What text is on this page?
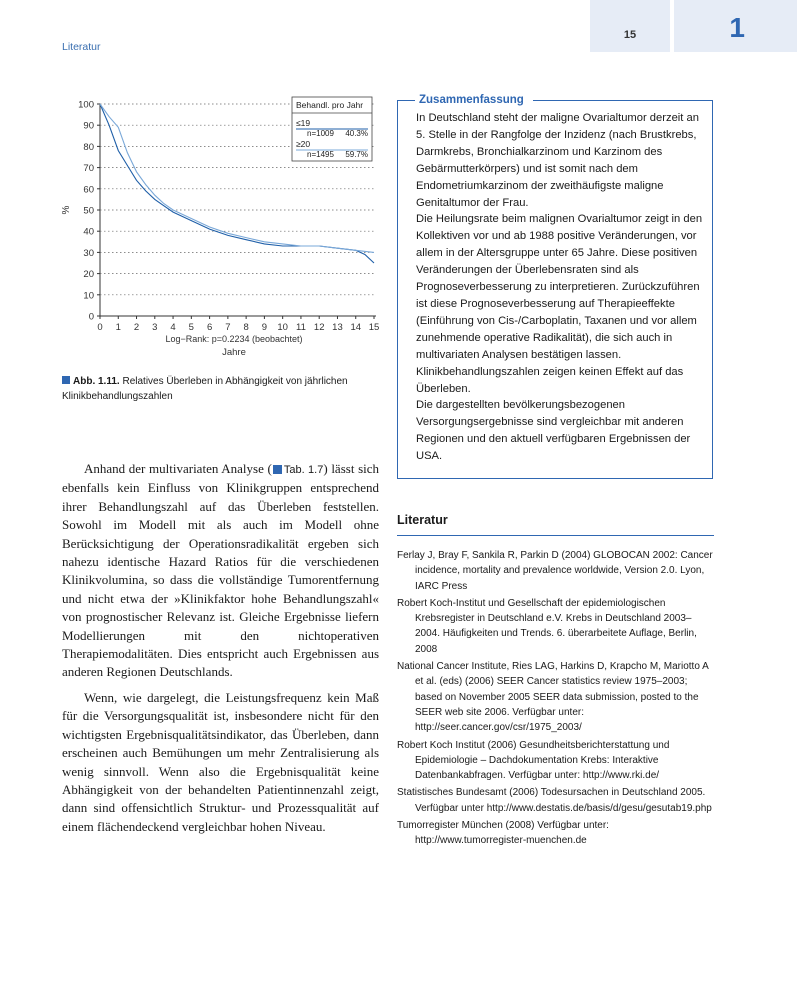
Literatur
15	1
0
10
20
30
40
50
60
70
80
90
100
%
0 1 2 3 4 5 6 7 8 9 10 11 12 13 14 15
Log−Rank: p=0.2234 (beobachtet)
Jahre
Behandl. pro Jahr
≤19
n=1009 40.3%
≥20
n=1495 59.7%
Abb. 1.11. Relatives Überleben in Abhängigkeit von jährlichen Klinikbehandlungszahlen

Anhand der multivariaten Analyse ( Tab. 1.7) lässt sich ebenfalls kein Einfluss von Klinikgruppen entsprechend ihrer Behandlungszahl auf das Überleben feststellen. Sowohl im Modell mit als auch im Modell ohne Berücksichtigung der Operationsradikalität ergeben sich nahezu identische Hazard Ratios für die verschiedenen Klinikvolumina, so dass die vollständige Tumorentfernung und nicht etwa der »Klinikfaktor hohe Behandlungszahl« von prognostischer Relevanz ist. Gleiche Ergebnisse liefern Modellierungen mit den nichtoperativen Therapiemodalitäten. Dies entspricht auch Ergebnissen aus anderen Regionen Deutschlands.

Wenn, wie dargelegt, die Leistungsfrequenz kein Maß für die Versorgungsqualität ist, insbesondere nicht für den wichtigsten Ergebnisqualitätsindikator, das Überleben, dann erscheinen auch Bemühungen um mehr Zentralisierung als wenig sinnvoll. Wenn also die Ergebnisqualität keine Abhängigkeit von der behandelten Patientinnenzahl zeigt, dann sind offensichtlich Struktur- und Prozessqualität auf einem flächendeckend vergleichbar hohen Niveau.

Zusammenfassung

In Deutschland steht der maligne Ovarialtumor derzeit an 5. Stelle in der Rangfolge der Inzidenz (nach Brustkrebs, Darmkrebs, Bronchialkarzinom und Karzinom des Gebärmutterkörpers) und ist somit nach dem Endometriumkarzinom der zweithäufigste maligne Genitaltumor der Frau.

Die Heilungsrate beim malignen Ovarialtumor zeigt in den Kollektiven vor und ab 1988 positive Veränderungen, vor allem in der Altersgruppe unter 65 Jahre. Diese positiven Veränderungen der Überlebensraten sind als Prognoseverbesserung zu interpretieren. Zurückzuführen ist diese Prognoseverbesserung auf Therapieeffekte (Einführung von Cis-/Carboplatin, Taxanen und vor allem zunehmende operative Radikalität), die sich auch in multivariaten Analysen bestätigen lassen. Klinikbehandlungszahlen zeigen keinen Effekt auf das Überleben.

Die dargestellten bevölkerungsbezogenen Versorgungsergebnisse sind vergleichbar mit anderen Regionen und den aktuell verfügbaren Ergebnissen der USA.

Literatur
Ferlay J, Bray F, Sankila R, Parkin D (2004) GLOBOCAN 2002: Cancer incidence, mortality and prevalence worldwide, Version 2.0. Lyon, IARC Press
Robert Koch-Institut und Gesellschaft der epidemiologischen Krebsregister in Deutschland e.V. Krebs in Deutschland 2003–2004. Häufigkeiten und Trends. 6. überarbeitete Auflage, Berlin, 2008
National Cancer Institute, Ries LAG, Harkins D, Krapcho M, Mariotto A et al. (eds) (2006) SEER Cancer statistics review 1975–2003; based on November 2005 SEER data submission, posted to the SEER web site 2006. Verfügbar unter: http://seer.cancer.gov/csr/1975_2003/
Robert Koch Institut (2006) Gesundheitsberichterstattung und Epidemiologie – Dachdokumentation Krebs: Interaktive Datenbankabfragen. Verfügbar unter: http://www.rki.de/
Statistisches Bundesamt (2006) Todesursachen in Deutschland 2005. Verfügbar unter http://www.destatis.de/basis/d/gesu/gesutab19.php
Tumorregister München (2008) Verfügbar unter: http://www.tumorregister-muenchen.de
